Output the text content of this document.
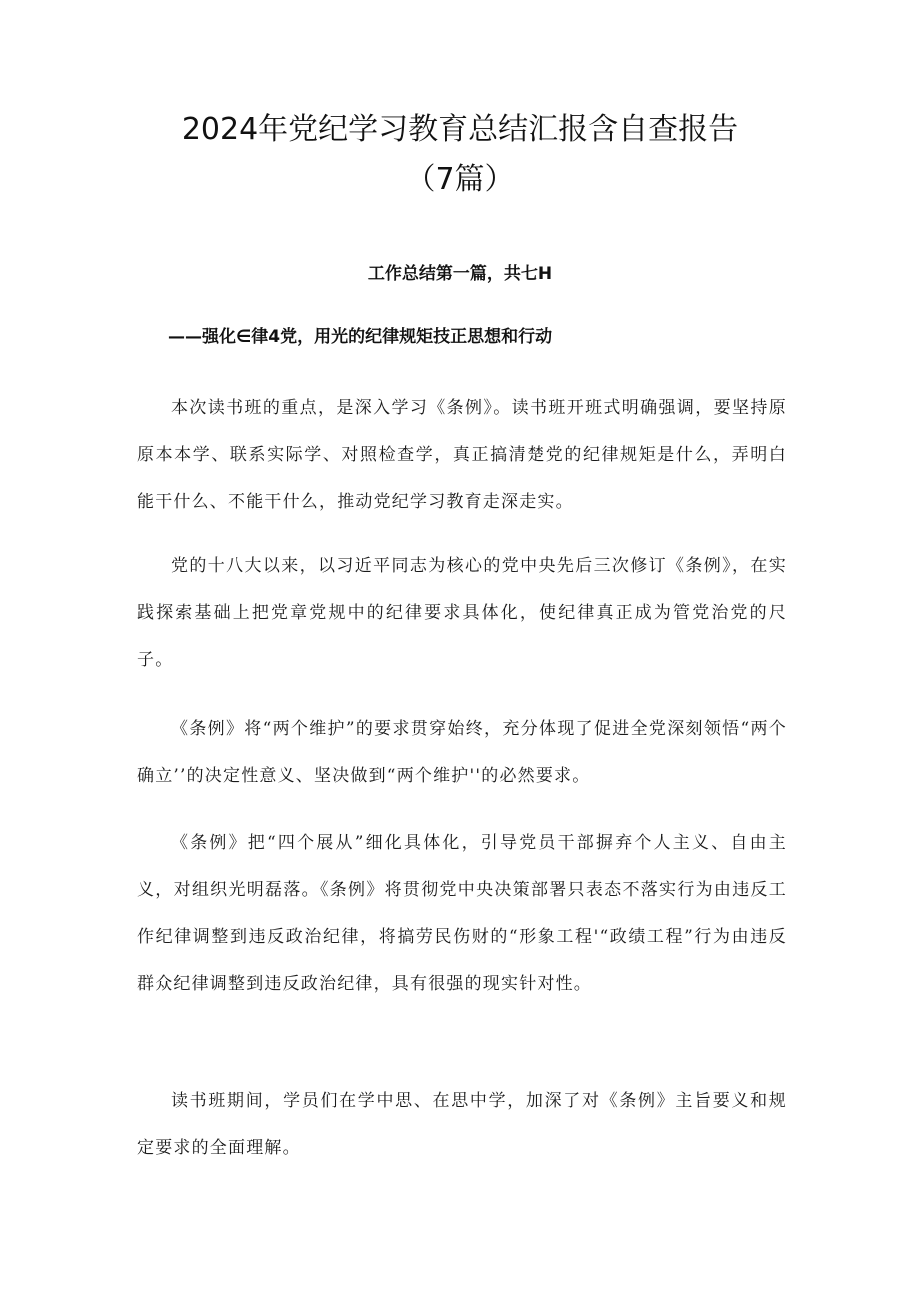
2024年党纪学习教育总结汇报含自查报告
（7篇）
工作总结第一篇，共七H
——强化∈律4党，用光的纪律规矩技正思想和行动

本次读书班的重点，是深入学习《条例》。读书班开班式明确强调，要坚持原原本本学、联系实际学、对照检查学，真正搞清楚党的纪律规矩是什么，弄明白能干什么、不能干什么，推动党纪学习教育走深走实。

党的十八大以来，以习近平同志为核心的党中央先后三次修订《条例》，在实践探索基础上把党章党规中的纪律要求具体化，使纪律真正成为管党治党的尺子。

《条例》将“两个维护”的要求贯穿始终，充分体现了促进全党深刻领悟“两个确立’’的决定性意义、坚决做到“两个维护''的必然要求。

《条例》把“四个展从”细化具体化，引导党员干部摒弃个人主义、自由主义，对组织光明磊落。《条例》将贯彻党中央决策部署只表态不落实行为由违反工作纪律调整到违反政治纪律，将搞劳民伤财的“形象工程'“政绩工程”行为由违反群众纪律调整到违反政治纪律，具有很强的现实针对性。

读书班期间，学员们在学中思、在思中学，加深了对《条例》主旨要义和规定要求的全面理解。
